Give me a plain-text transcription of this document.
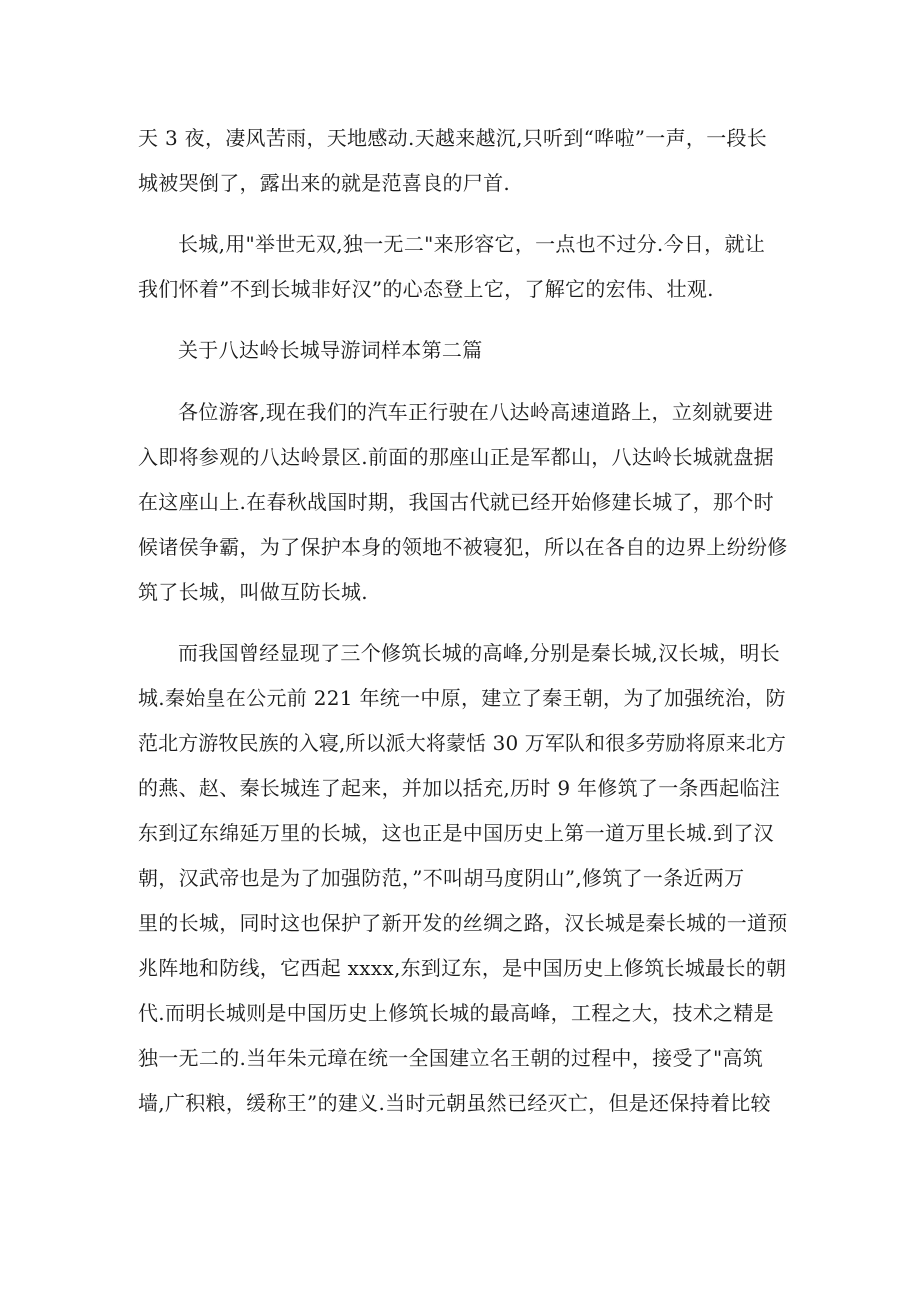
天 3 夜，凄风苦雨，天地感动.天越来越沉,只听到“哗啦”一声，一段长
城被哭倒了，露出来的就是范喜良的尸首.
长城,用"举世无双,独一无二"来形容它，一点也不过分.今日，就让
我们怀着”不到长城非好汉”的心态登上它，了解它的宏伟、壮观.
关于八达岭长城导游词样本第二篇
各位游客,现在我们的汽车正行驶在八达岭高速道路上，立刻就要进
入即将参观的八达岭景区.前面的那座山正是军都山，八达岭长城就盘据
在这座山上.在春秋战国时期，我国古代就已经开始修建长城了，那个时
候诸侯争霸，为了保护本身的领地不被寝犯，所以在各自的边界上纷纷修
筑了长城，叫做互防长城.
而我国曾经显现了三个修筑长城的高峰,分别是秦长城,汉长城，明长
城.秦始皇在公元前 221 年统一中原，建立了秦王朝，为了加强统治，防
范北方游牧民族的入寝,所以派大将蒙恬 30 万军队和很多劳励将原来北方
的燕、赵、秦长城连了起来，并加以括充,历时 9 年修筑了一条西起临注
东到辽东绵延万里的长城，这也正是中国历史上第一道万里长城.到了汉
朝，汉武帝也是为了加强防范，”不叫胡马度阴山”,修筑了一条近两万
里的长城，同时这也保护了新开发的丝绸之路，汉长城是秦长城的一道预
兆阵地和防线，它西起 xxxx,东到辽东，是中国历史上修筑长城最长的朝
代.而明长城则是中国历史上修筑长城的最高峰，工程之大，技术之精是
独一无二的.当年朱元璋在统一全国建立名王朝的过程中，接受了"高筑
墙,广积粮，缓称王”的建义.当时元朝虽然已经灭亡，但是还保持着比较
